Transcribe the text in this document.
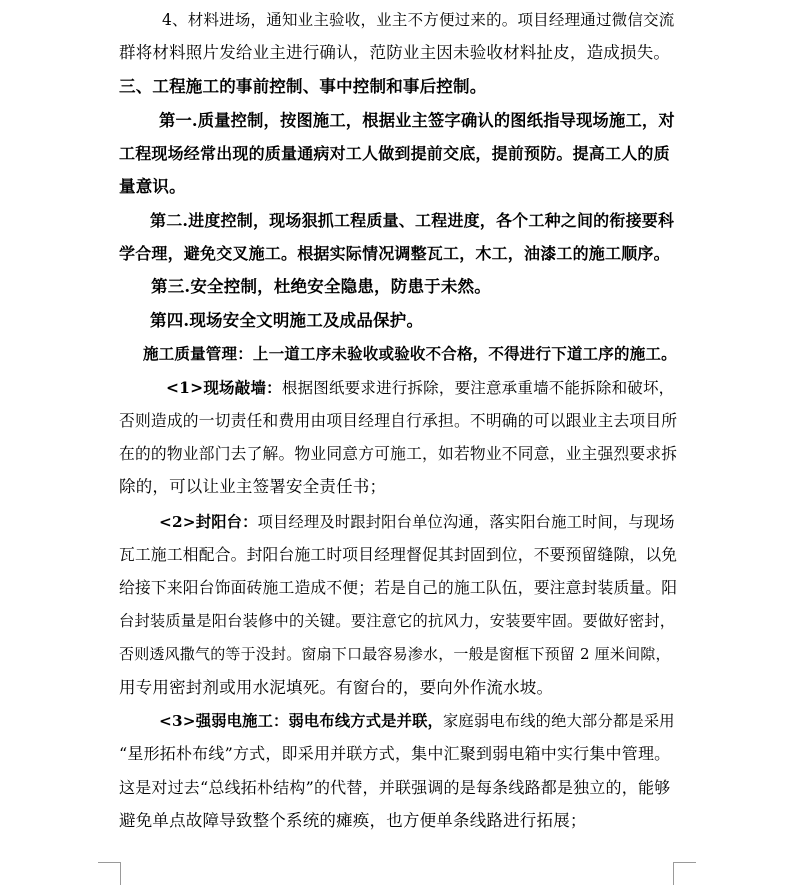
4、材料进场，通知业主验收，业主不方便过来的。项目经理通过微信交流
群将材料照片发给业主进行确认，范防业主因未验收材料扯皮，造成损失。
三、工程施工的事前控制、事中控制和事后控制。
第一.质量控制，按图施工，根据业主签字确认的图纸指导现场施工，对
工程现场经常出现的质量通病对工人做到提前交底，提前预防。提高工人的质
量意识。
第二.进度控制，现场狠抓工程质量、工程进度，各个工种之间的衔接要科
学合理，避免交叉施工。根据实际情况调整瓦工，木工，油漆工的施工顺序。
第三.安全控制，杜绝安全隐患，防患于未然。
第四.现场安全文明施工及成品保护。
施工质量管理：上一道工序未验收或验收不合格，不得进行下道工序的施工。
<1>现场敲墙：根据图纸要求进行拆除，要注意承重墙不能拆除和破坏，
否则造成的一切责任和费用由项目经理自行承担。不明确的可以跟业主去项目所
在的的物业部门去了解。物业同意方可施工，如若物业不同意，业主强烈要求拆
除的，可以让业主签署安全责任书；
<2>封阳台：项目经理及时跟封阳台单位沟通，落实阳台施工时间，与现场
瓦工施工相配合。封阳台施工时项目经理督促其封固到位，不要预留缝隙，以免
给接下来阳台饰面砖施工造成不便；若是自己的施工队伍，要注意封装质量。阳
台封装质量是阳台装修中的关键。要注意它的抗风力，安装要牢固。要做好密封，
否则透风撒气的等于没封。窗扇下口最容易渗水，一般是窗框下预留 2 厘米间隙，
用专用密封剂或用水泥填死。有窗台的，要向外作流水坡。
<3>强弱电施工：弱电布线方式是并联，家庭弱电布线的绝大部分都是采用
“星形拓朴布线”方式，即采用并联方式，集中汇聚到弱电箱中实行集中管理。
这是对过去“总线拓朴结构”的代替，并联强调的是每条线路都是独立的，能够
避免单点故障导致整个系统的瘫痪，也方便单条线路进行拓展；
